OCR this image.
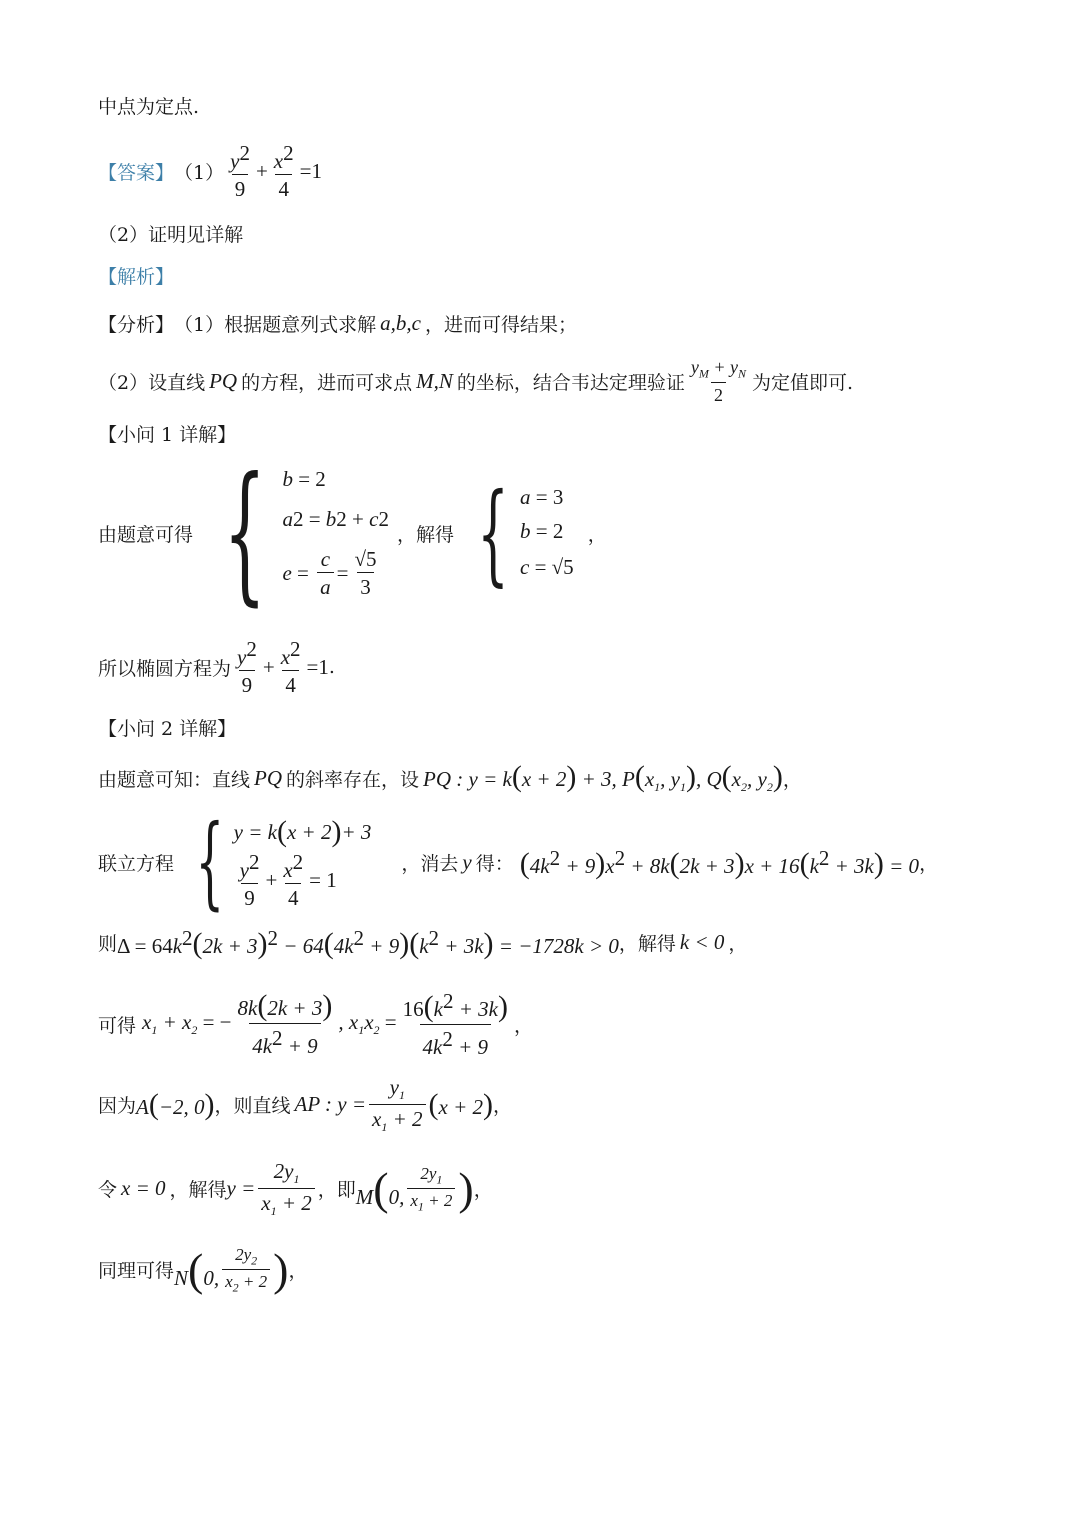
中点为定点.
【答案】 $(1) \frac{y^2}{9} + \frac{x^2}{4} =1$
（2）证明见详解
【解析】
【分析】 （1）根据题意列式求解 a,b,c ，进而可得结果；
（2）设直线 PQ 的方程，进而可求点 M,N 的坐标，结合韦达定理验证 $\frac{y_M + y_N}{2}$ 为定值即可.
【小问 1 详解】
由题意可得 { b = 2
a 2 = b 2 + c 2
$e = \frac{c}{a} = \frac{√5}{3}$
，解得 { a = 3
b = 2
c = √5
，
所以椭圆方程为 $\frac{y^2}{9} + \frac{x^2}{4} =1$ .
【小问 2 详解】
由题意可知：直线 PQ 的斜率存在，设 PQ : y = k(x + 2) + 3, $P(x_1$, $y_1$), $Q(x_2$, $y_2$) ，
联立方程 { y = k ( x + 2 ) + 3
$\frac{y^2}{9} + \frac{x^2}{4} = 1$
，消去 y 得： $(4k^2 + 9)x^2 + 8k(2k + 3)x + 16(k^2 + 3k) = 0$ ，
则 $\Delta = 64k^2(2k + 3)^2 - 64(4k^2 + 9)(k^2 + 3k) = -1728k > 0$ ，解得 k < 0 ，
可得 $x_1 + x_2$ = − $\frac{8k(2k + 3)}{4k^2 + 9}$ , $x_1x_2 = \frac{16(k^2 + 3k)}{4k^2 + 9}$ ，
因为 A(−2, 0) ，则直线 AP : $y = \frac{y_1}{x_1 + 2} (x + 2)$ ，
令 x = 0 ，解得 $y = \frac{2y_1}{x_1 + 2}$ ，即 M(0, $\frac{2y_1}{x_1 + 2}$ ) ，
同理可得 N(0, $\frac{2y_2}{x_2 + 2}$ ) ，
